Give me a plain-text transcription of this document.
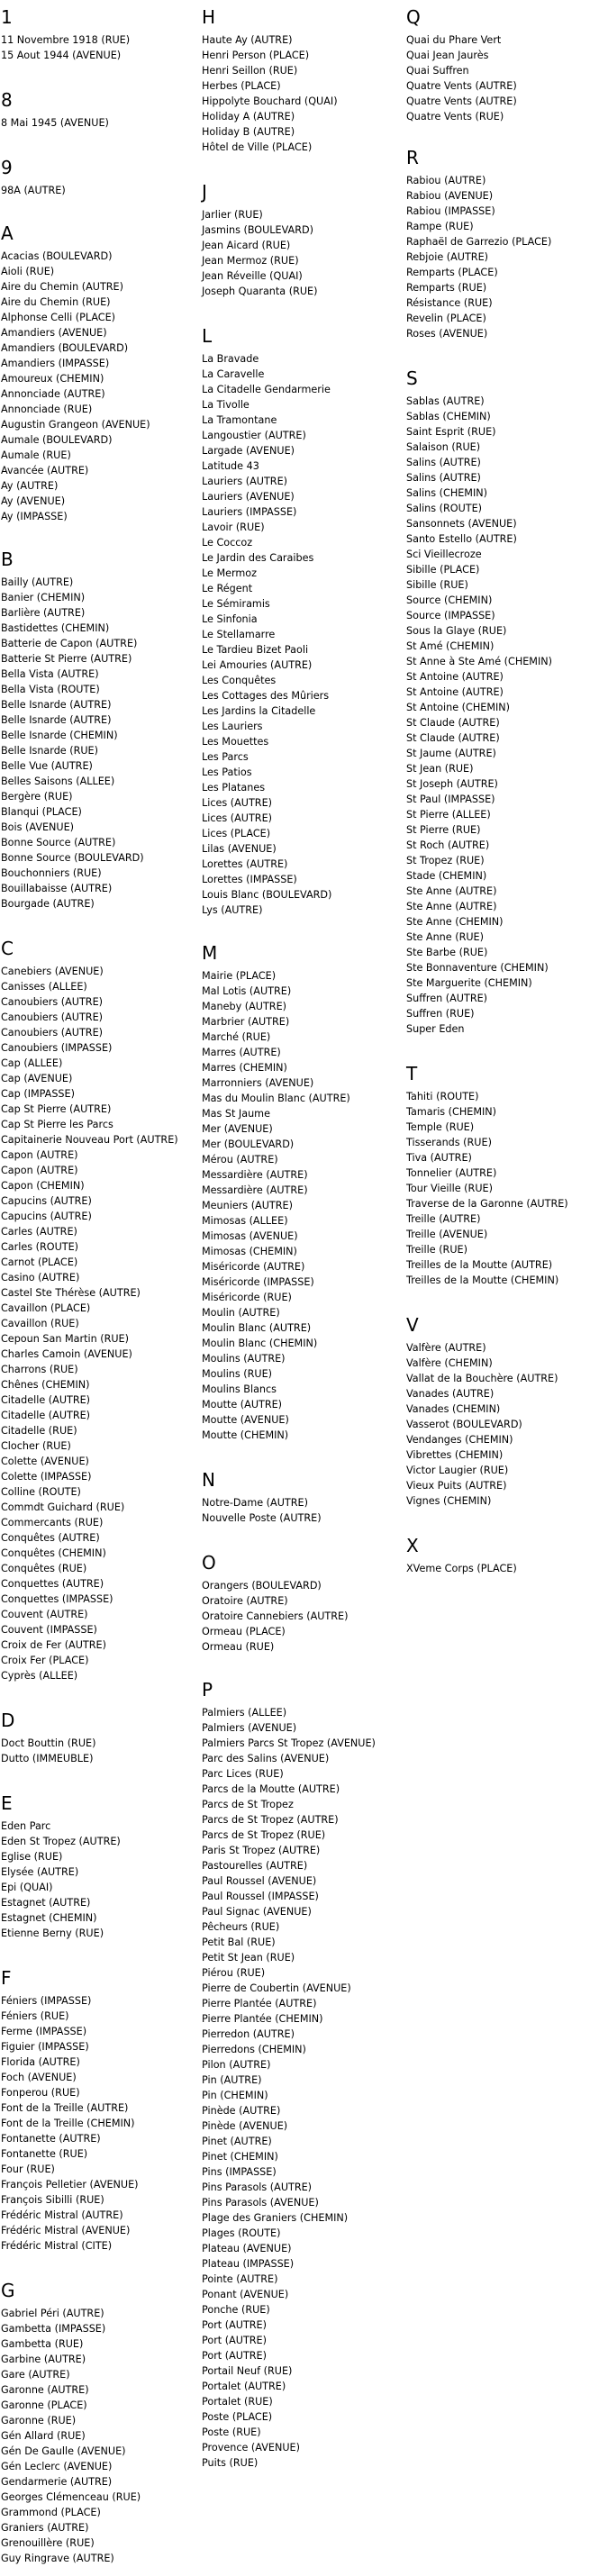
1
11 Novembre 1918 (RUE)
15 Aout 1944 (AVENUE)
8
8 Mai 1945 (AVENUE)
9
98A (AUTRE)
A
Acacias (BOULEVARD)
Aioli (RUE)
Aire du Chemin (AUTRE)
Aire du Chemin (RUE)
Alphonse Celli (PLACE)
Amandiers (AVENUE)
Amandiers (BOULEVARD)
Amandiers (IMPASSE)
Amoureux (CHEMIN)
Annonciade (AUTRE)
Annonciade (RUE)
Augustin Grangeon (AVENUE)
Aumale (BOULEVARD)
Aumale (RUE)
Avancée (AUTRE)
Ay (AUTRE)
Ay (AVENUE)
Ay (IMPASSE)
B
Bailly (AUTRE)
Banier (CHEMIN)
Barlière (AUTRE)
Bastidettes (CHEMIN)
Batterie de Capon (AUTRE)
Batterie St Pierre (AUTRE)
Bella Vista (AUTRE)
Bella Vista (ROUTE)
Belle Isnarde (AUTRE)
Belle Isnarde (AUTRE)
Belle Isnarde (CHEMIN)
Belle Isnarde (RUE)
Belle Vue (AUTRE)
Belles Saisons (ALLEE)
Bergère (RUE)
Blanqui (PLACE)
Bois (AVENUE)
Bonne Source (AUTRE)
Bonne Source (BOULEVARD)
Bouchonniers (RUE)
Bouillabaisse (AUTRE)
Bourgade (AUTRE)
C
Canebiers (AVENUE)
Canisses (ALLEE)
Canoubiers (AUTRE)
Canoubiers (AUTRE)
Canoubiers (AUTRE)
Canoubiers (IMPASSE)
Cap (ALLEE)
Cap (AVENUE)
Cap (IMPASSE)
Cap St Pierre (AUTRE)
Cap St Pierre les Parcs
Capitainerie Nouveau Port (AUTRE)
Capon (AUTRE)
Capon (AUTRE)
Capon (CHEMIN)
Capucins (AUTRE)
Capucins (AUTRE)
Carles (AUTRE)
Carles (ROUTE)
Carnot (PLACE)
Casino (AUTRE)
Castel Ste Thérèse (AUTRE)
Cavaillon (PLACE)
Cavaillon (RUE)
Cepoun San Martin (RUE)
Charles Camoin (AVENUE)
Charrons (RUE)
Chênes (CHEMIN)
Citadelle (AUTRE)
Citadelle (AUTRE)
Citadelle (RUE)
Clocher (RUE)
Colette (AVENUE)
Colette (IMPASSE)
Colline (ROUTE)
Commdt Guichard (RUE)
Commercants (RUE)
Conquêtes (AUTRE)
Conquêtes (CHEMIN)
Conquêtes (RUE)
Conquettes (AUTRE)
Conquettes (IMPASSE)
Couvent (AUTRE)
Couvent (IMPASSE)
Croix de Fer (AUTRE)
Croix Fer (PLACE)
Cyprès (ALLEE)
D
Doct Bouttin (RUE)
Dutto (IMMEUBLE)
E
Eden Parc
Eden St Tropez (AUTRE)
Eglise (RUE)
Elysée (AUTRE)
Epi (QUAI)
Estagnet (AUTRE)
Estagnet (CHEMIN)
Etienne Berny (RUE)
F
Féniers (IMPASSE)
Féniers (RUE)
Ferme (IMPASSE)
Figuier (IMPASSE)
Florida (AUTRE)
Foch (AVENUE)
Fonperou (RUE)
Font de la Treille (AUTRE)
Font de la Treille (CHEMIN)
Fontanette (AUTRE)
Fontanette (RUE)
Four (RUE)
François Pelletier (AVENUE)
François Sibilli (RUE)
Frédéric Mistral (AUTRE)
Frédéric Mistral (AVENUE)
Frédéric Mistral (CITE)
G
Gabriel Péri (AUTRE)
Gambetta (IMPASSE)
Gambetta (RUE)
Garbine (AUTRE)
Gare (AUTRE)
Garonne (AUTRE)
Garonne (PLACE)
Garonne (RUE)
Gén Allard (RUE)
Gén De Gaulle (AVENUE)
Gén Leclerc (AVENUE)
Gendarmerie (AUTRE)
Georges Clémenceau (RUE)
Grammond (PLACE)
Graniers (AUTRE)
Grenouillère (RUE)
Guy Ringrave (AUTRE)
H
Haute Ay (AUTRE)
Henri Person (PLACE)
Henri Seillon (RUE)
Herbes (PLACE)
Hippolyte Bouchard (QUAI)
Holiday A (AUTRE)
Holiday B (AUTRE)
Hôtel de Ville (PLACE)
J
Jarlier (RUE)
Jasmins (BOULEVARD)
Jean Aicard (RUE)
Jean Mermoz (RUE)
Jean Réveille (QUAI)
Joseph Quaranta (RUE)
L
La Bravade
La Caravelle
La Citadelle Gendarmerie
La Tivolle
La Tramontane
Langoustier (AUTRE)
Largade (AVENUE)
Latitude 43
Lauriers (AUTRE)
Lauriers (AVENUE)
Lauriers (IMPASSE)
Lavoir (RUE)
Le Coccoz
Le Jardin des Caraibes
Le Mermoz
Le Régent
Le Sémiramis
Le Sinfonia
Le Stellamarre
Le Tardieu Bizet Paoli
Lei Amouries (AUTRE)
Les Conquêtes
Les Cottages des Mûriers
Les Jardins la Citadelle
Les Lauriers
Les Mouettes
Les Parcs
Les Patios
Les Platanes
Lices (AUTRE)
Lices (AUTRE)
Lices (PLACE)
Lilas (AVENUE)
Lorettes (AUTRE)
Lorettes (IMPASSE)
Louis Blanc (BOULEVARD)
Lys (AUTRE)
M
Mairie (PLACE)
Mal Lotis (AUTRE)
Maneby (AUTRE)
Marbrier (AUTRE)
Marché (RUE)
Marres (AUTRE)
Marres (CHEMIN)
Marronniers (AVENUE)
Mas du Moulin Blanc (AUTRE)
Mas St Jaume
Mer (AVENUE)
Mer (BOULEVARD)
Mérou (AUTRE)
Messardière (AUTRE)
Messardière (AUTRE)
Meuniers (AUTRE)
Mimosas (ALLEE)
Mimosas (AVENUE)
Mimosas (CHEMIN)
Miséricorde (AUTRE)
Miséricorde (IMPASSE)
Miséricorde (RUE)
Moulin (AUTRE)
Moulin Blanc (AUTRE)
Moulin Blanc (CHEMIN)
Moulins (AUTRE)
Moulins (RUE)
Moulins Blancs
Moutte (AUTRE)
Moutte (AVENUE)
Moutte (CHEMIN)
N
Notre-Dame (AUTRE)
Nouvelle Poste (AUTRE)
O
Orangers (BOULEVARD)
Oratoire (AUTRE)
Oratoire Cannebiers (AUTRE)
Ormeau (PLACE)
Ormeau (RUE)
P
Palmiers (ALLEE)
Palmiers (AVENUE)
Palmiers Parcs St Tropez (AVENUE)
Parc des Salins (AVENUE)
Parc Lices (RUE)
Parcs de la Moutte (AUTRE)
Parcs de St Tropez
Parcs de St Tropez (AUTRE)
Parcs de St Tropez (RUE)
Paris St Tropez (AUTRE)
Pastourelles (AUTRE)
Paul Roussel (AVENUE)
Paul Roussel (IMPASSE)
Paul Signac (AVENUE)
Pêcheurs (RUE)
Petit Bal (RUE)
Petit St Jean (RUE)
Piérou (RUE)
Pierre de Coubertin (AVENUE)
Pierre Plantée (AUTRE)
Pierre Plantée (CHEMIN)
Pierredon (AUTRE)
Pierredons (CHEMIN)
Pilon (AUTRE)
Pin (AUTRE)
Pin (CHEMIN)
Pinède (AUTRE)
Pinède (AVENUE)
Pinet (AUTRE)
Pinet (CHEMIN)
Pins (IMPASSE)
Pins Parasols (AUTRE)
Pins Parasols (AVENUE)
Plage des Graniers (CHEMIN)
Plages (ROUTE)
Plateau (AVENUE)
Plateau (IMPASSE)
Pointe (AUTRE)
Ponant (AVENUE)
Ponche (RUE)
Port (AUTRE)
Port (AUTRE)
Port (AUTRE)
Portail Neuf (RUE)
Portalet (AUTRE)
Portalet (RUE)
Poste (PLACE)
Poste (RUE)
Provence (AVENUE)
Puits (RUE)
Q
Quai du Phare Vert
Quai Jean Jaurès
Quai Suffren
Quatre Vents (AUTRE)
Quatre Vents (AUTRE)
Quatre Vents (RUE)
R
Rabiou (AUTRE)
Rabiou (AVENUE)
Rabiou (IMPASSE)
Rampe (RUE)
Raphaël de Garrezio (PLACE)
Rebjoie (AUTRE)
Remparts (PLACE)
Remparts (RUE)
Résistance (RUE)
Revelin (PLACE)
Roses (AVENUE)
S
Sablas (AUTRE)
Sablas (CHEMIN)
Saint Esprit (RUE)
Salaison (RUE)
Salins (AUTRE)
Salins (AUTRE)
Salins (CHEMIN)
Salins (ROUTE)
Sansonnets (AVENUE)
Santo Estello (AUTRE)
Sci Vieillecroze
Sibille (PLACE)
Sibille (RUE)
Source (CHEMIN)
Source (IMPASSE)
Sous la Glaye (RUE)
St Amé (CHEMIN)
St Anne à Ste Amé (CHEMIN)
St Antoine (AUTRE)
St Antoine (AUTRE)
St Antoine (CHEMIN)
St Claude (AUTRE)
St Claude (AUTRE)
St Jaume (AUTRE)
St Jean (RUE)
St Joseph (AUTRE)
St Paul (IMPASSE)
St Pierre (ALLEE)
St Pierre (RUE)
St Roch (AUTRE)
St Tropez (RUE)
Stade (CHEMIN)
Ste Anne (AUTRE)
Ste Anne (AUTRE)
Ste Anne (CHEMIN)
Ste Anne (RUE)
Ste Barbe (RUE)
Ste Bonnaventure (CHEMIN)
Ste Marguerite (CHEMIN)
Suffren (AUTRE)
Suffren (RUE)
Super Eden
T
Tahiti (ROUTE)
Tamaris (CHEMIN)
Temple (RUE)
Tisserands (RUE)
Tiva (AUTRE)
Tonnelier (AUTRE)
Tour Vieille (RUE)
Traverse de la Garonne (AUTRE)
Treille (AUTRE)
Treille (AVENUE)
Treille (RUE)
Treilles de la Moutte (AUTRE)
Treilles de la Moutte (CHEMIN)
V
Valfère (AUTRE)
Valfère (CHEMIN)
Vallat de la Bouchère (AUTRE)
Vanades (AUTRE)
Vanades (CHEMIN)
Vasserot (BOULEVARD)
Vendanges (CHEMIN)
Vibrettes (CHEMIN)
Victor Laugier (RUE)
Vieux Puits (AUTRE)
Vignes (CHEMIN)
X
XVeme Corps (PLACE)
